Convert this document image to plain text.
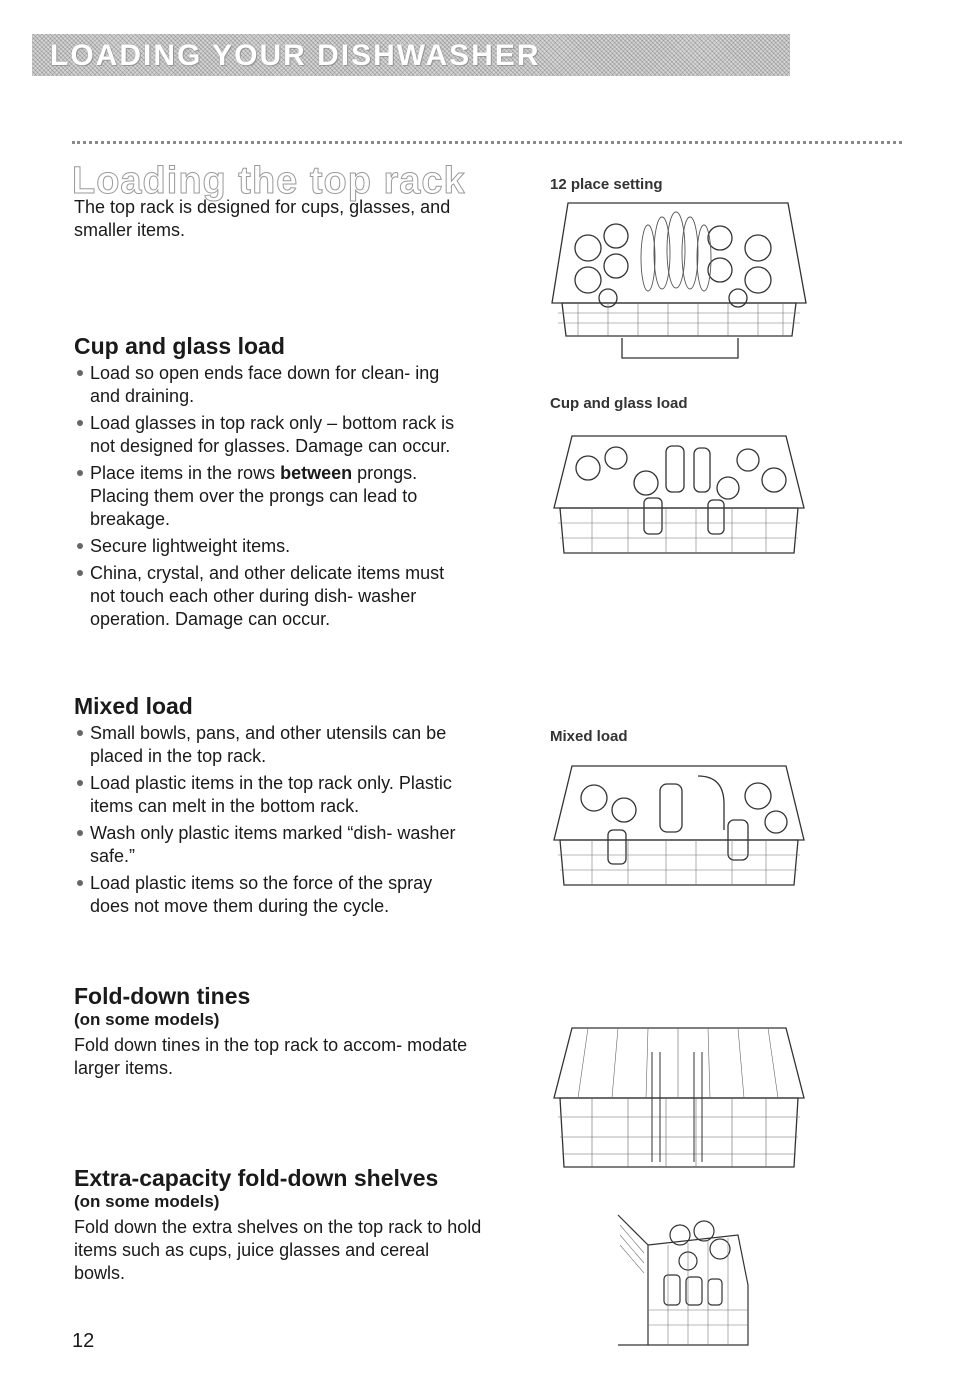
LOADING YOUR DISHWASHER
Loading the top rack
The top rack is designed for cups, glasses, and smaller items.
Cup and glass load
Load so open ends face down for clean- ing and draining.
Load glasses in top rack only – bottom rack is not designed for glasses. Damage can occur.
Place items in the rows between prongs. Placing them over the prongs can lead to breakage.
Secure lightweight items.
China, crystal, and other delicate items must not touch each other during dish- washer operation. Damage can occur.
Mixed load
Small bowls, pans, and other utensils can be placed in the top rack.
Load plastic items in the top rack only. Plastic items can melt in the bottom rack.
Wash only plastic items marked “dish- washer safe.”
Load plastic items so the force of the spray does not move them during the cycle.
Fold-down tines
(on some models)
Fold down tines in the top rack to accom- modate larger items.
Extra-capacity fold-down shelves
(on some models)
Fold down the extra shelves on the top rack to hold items such as cups, juice glasses and cereal bowls.
12 place setting
Cup and glass load
Mixed load
12
